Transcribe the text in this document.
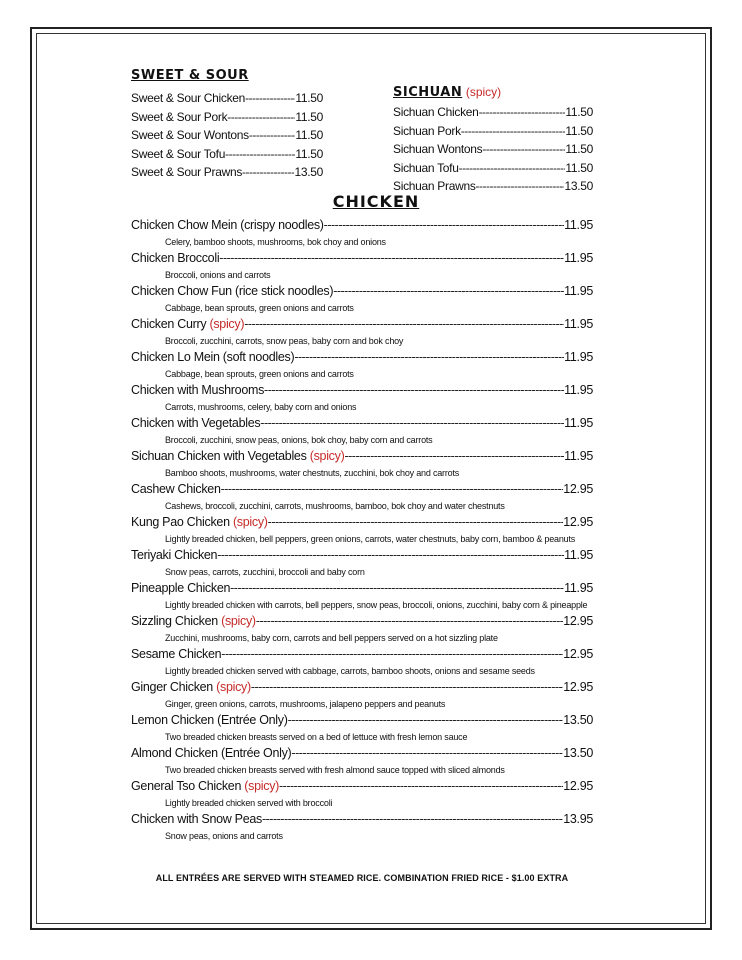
SWEET & SOUR
Sweet & Sour Chicken -----	11.50
Sweet & Sour Pork -----	11.50
Sweet & Sour Wontons -----	11.50
Sweet & Sour Tofu -----	11.50
Sweet & Sour Prawns -----	13.50
SICHUAN (spicy)
Sichuan Chicken -----	11.50
Sichuan Pork -----	11.50
Sichuan Wontons -----	11.50
Sichuan Tofu -----	11.50
Sichuan Prawns -----	13.50
CHICKEN
Chicken Chow Mein (crispy noodles) -----	11.95
Celery, bamboo shoots, mushrooms, bok choy and onions
Chicken Broccoli -----	11.95
Broccoli, onions and carrots
Chicken Chow Fun (rice stick noodles) -----	11.95
Cabbage, bean sprouts, green onions and carrots
Chicken Curry (spicy) -----	11.95
Broccoli, zucchini, carrots, snow peas, baby corn and bok choy
Chicken Lo Mein (soft noodles) -----	11.95
Cabbage, bean sprouts, green onions and carrots
Chicken with Mushrooms -----	11.95
Carrots, mushrooms, celery, baby corn and onions
Chicken with Vegetables -----	11.95
Broccoli, zucchini, snow peas, onions, bok choy, baby corn and carrots
Sichuan Chicken with Vegetables (spicy) -----	11.95
Bamboo shoots, mushrooms, water chestnuts, zucchini, bok choy and carrots
Cashew Chicken -----	12.95
Cashews, broccoli, zucchini, carrots, mushrooms, bamboo, bok choy and water chestnuts
Kung Pao Chicken (spicy) -----	12.95
Lightly breaded chicken, bell peppers, green onions, carrots, water chestnuts, baby corn, bamboo & peanuts
Teriyaki Chicken -----	11.95
Snow peas, carrots, zucchini, broccoli and baby corn
Pineapple Chicken -----	11.95
Lightly breaded chicken with carrots, bell peppers, snow peas, broccoli, onions, zucchini, baby corn & pineapple
Sizzling Chicken (spicy) -----	12.95
Zucchini, mushrooms, baby corn, carrots and bell peppers served on a hot sizzling plate
Sesame Chicken -----	12.95
Lightly breaded chicken served with cabbage, carrots, bamboo shoots, onions and sesame seeds
Ginger Chicken (spicy) -----	12.95
Ginger, green onions, carrots, mushrooms, jalapeno peppers and peanuts
Lemon Chicken (Entrée Only) -----	13.50
Two breaded chicken breasts served on a bed of lettuce with fresh lemon sauce
Almond Chicken (Entrée Only) -----	13.50
Two breaded chicken breasts served with fresh almond sauce topped with sliced almonds
General Tso Chicken (spicy) -----	12.95
Lightly breaded chicken served with broccoli
Chicken with Snow Peas -----	13.95
Snow peas, onions and carrots
ALL ENTRÉES ARE SERVED WITH STEAMED RICE. COMBINATION FRIED RICE - $1.00 EXTRA
